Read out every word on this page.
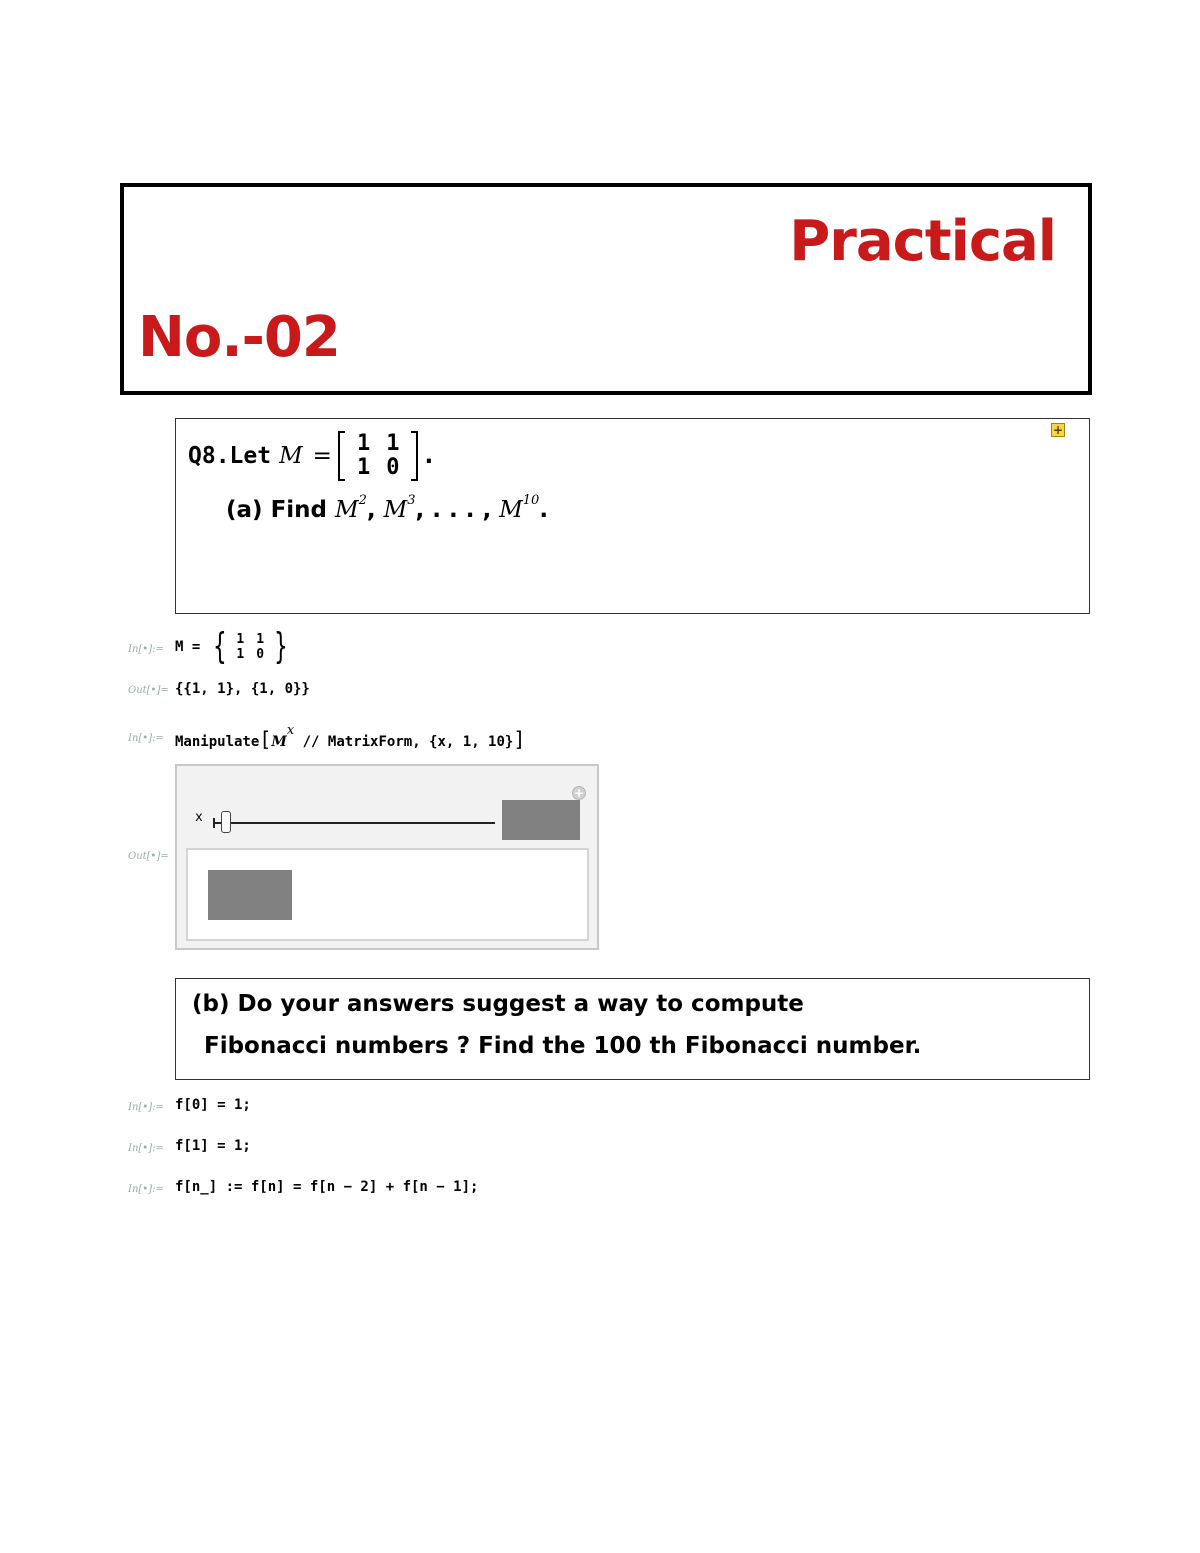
Practical
No.-02
+
Q8.Let M = 1	1
1	0 .
(a) Find $M^2$, $M^3$, . . . , $M^{10}$.
In[•]:= M = { 1	1
1	0 }
Out[•]= {{1, 1}, {1, 0}}
In[•]:= $Manipulate[M^x$ // MatrixForm, {x, 1, 10}]
Out[•]=
x
+
(b) Do your answers suggest a way to compute
Fibonacci numbers ? Find the 100 th Fibonacci number.
In[•]:= f[0] = 1;
In[•]:= f[1] = 1;
In[•]:= f[n_] := f[n] = f[n − 2] + f[n − 1];
